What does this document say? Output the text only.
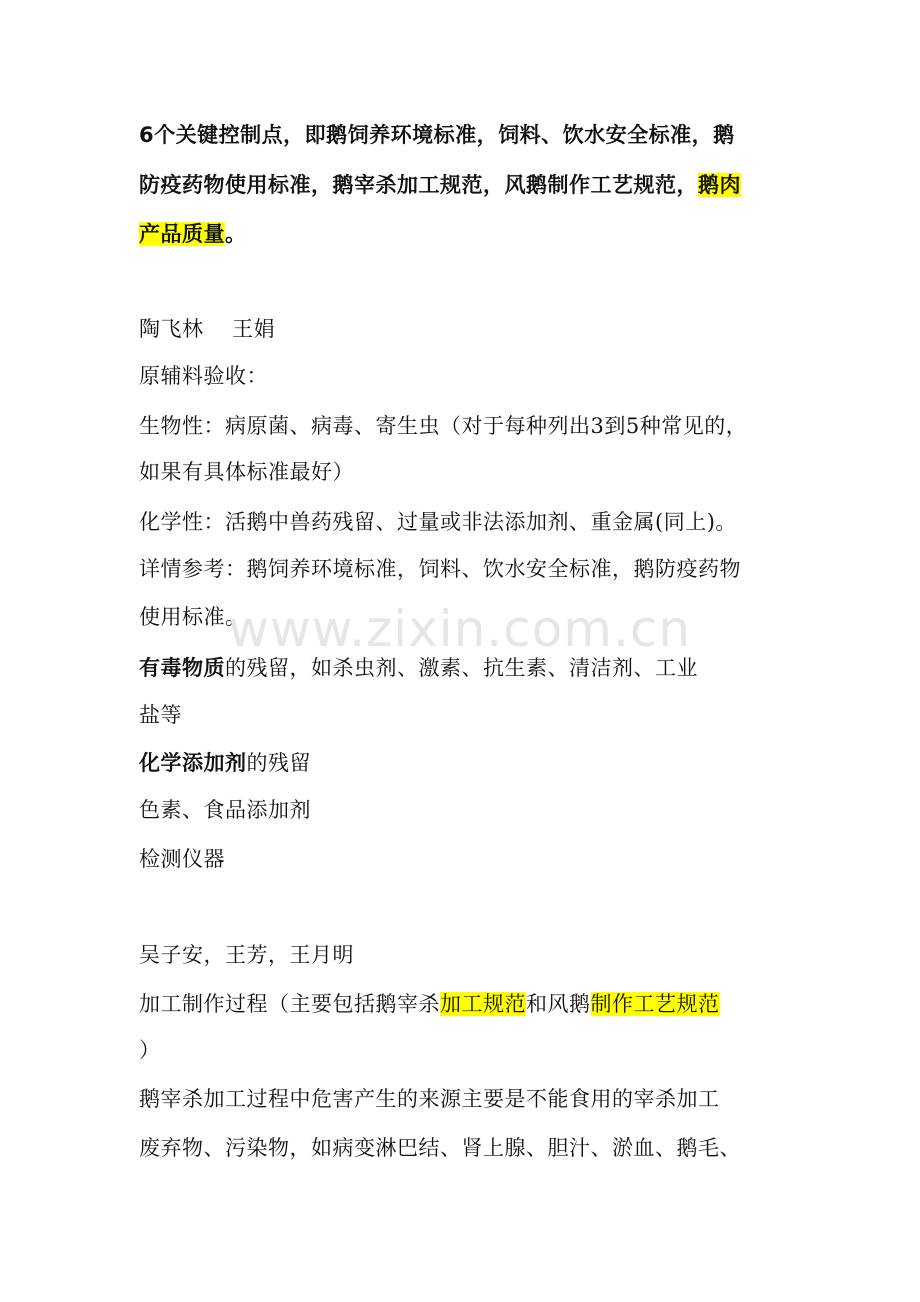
6个关键控制点，即鹅饲养环境标准，饲料、饮水安全标准，鹅
防疫药物使用标准，鹅宰杀加工规范，风鹅制作工艺规范，鹅肉
产品质量。
陶飞林　 王娟
原辅料验收：
生物性：病原菌、病毒、寄生虫（对于每种列出3到5种常见的，
如果有具体标准最好）
化学性：活鹅中兽药残留、过量或非法添加剂、重金属(同上)。
详情参考：鹅饲养环境标准，饲料、饮水安全标准，鹅防疫药物
使用标准。
有毒物质的残留，如杀虫剂、激素、抗生素、清洁剂、工业
盐等
化学添加剂的残留
色素、食品添加剂
检测仪器
吴子安，王芳，王月明
加工制作过程（主要包括鹅宰杀加工规范和风鹅制作工艺规范
）
鹅宰杀加工过程中危害产生的来源主要是不能食用的宰杀加工
废弃物、污染物，如病变淋巴结、肾上腺、胆汁、淤血、鹅毛、
www.zixin.com.cn
